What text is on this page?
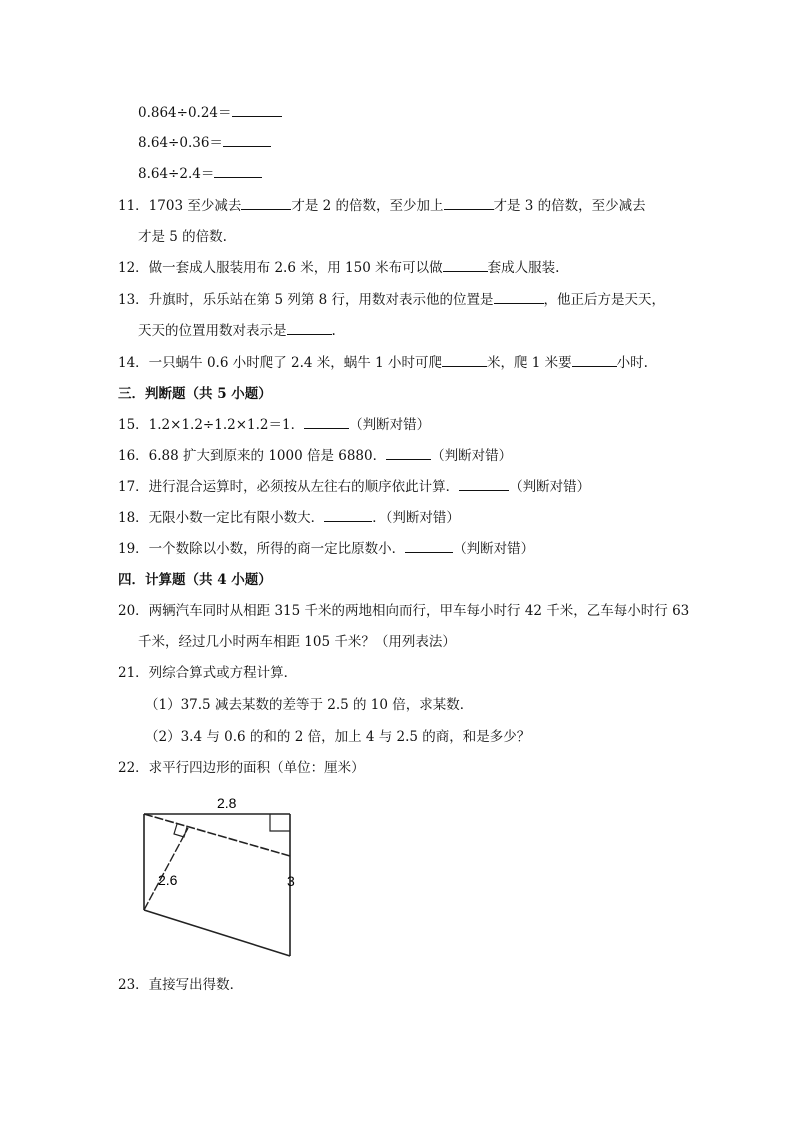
0.864÷0.24＝
8.64÷0.36＝
8.64÷2.4＝
11．1703 至少减去	才是 2 的倍数，至少加上	才是 3 的倍数，至少减去
才是 5 的倍数.
12．做一套成人服装用布 2.6 米，用 150 米布可以做	套成人服装.
13．升旗时，乐乐站在第 5 列第 8 行，用数对表示他的位置是	，他正后方是天天，
天天的位置用数对表示是	.
14．一只蜗牛 0.6 小时爬了 2.4 米，蜗牛 1 小时可爬	米，爬 1 米要	小时.
三．判断题（共 5 小题）
15．1.2×1.2÷1.2×1.2＝1．	（判断对错）
16．6.88 扩大到原来的 1000 倍是 6880．	（判断对错）
17．进行混合运算时，必须按从左往右的顺序依此计算．	（判断对错）
18．无限小数一定比有限小数大．	．（判断对错）
19．一个数除以小数，所得的商一定比原数小．	（判断对错）
四．计算题（共 4 小题）
20．两辆汽车同时从相距 315 千米的两地相向而行，甲车每小时行 42 千米，乙车每小时行 63
千米，经过几小时两车相距 105 千米？（用列表法）
21．列综合算式或方程计算．
（1）37.5 减去某数的差等于 2.5 的 10 倍，求某数．
（2）3.4 与 0.6 的和的 2 倍，加上 4 与 2.5 的商，和是多少？
22．求平行四边形的面积（单位：厘米）
2.8
2.6	3
23．直接写出得数．
